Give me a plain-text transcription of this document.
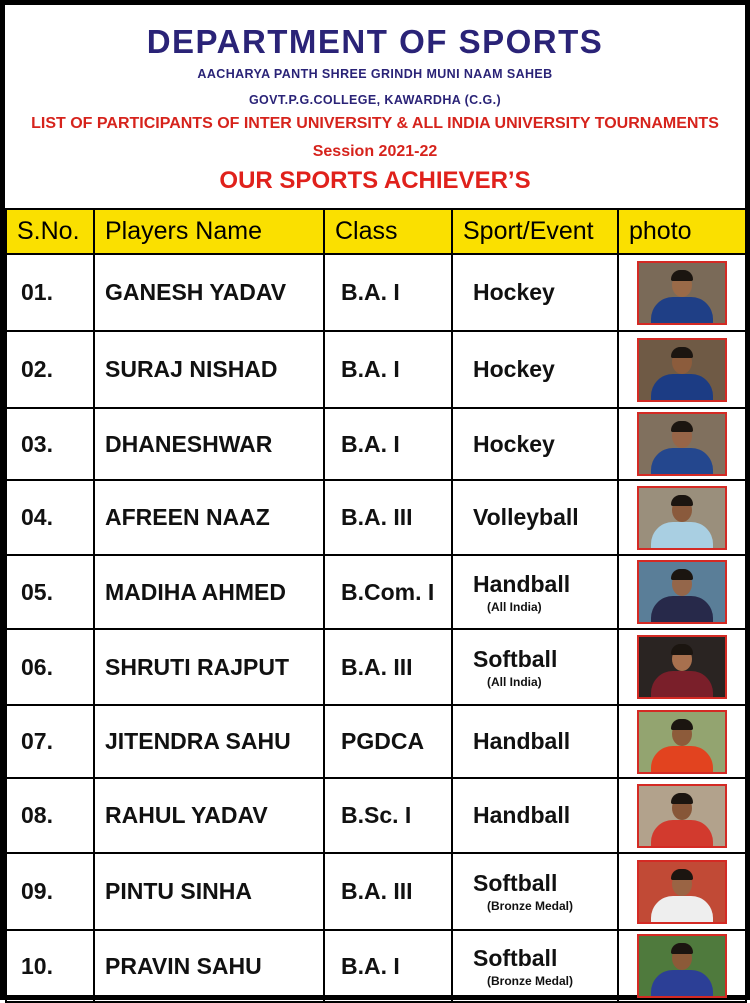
DEPARTMENT OF SPORTS
AACHARYA PANTH SHREE GRINDH MUNI NAAM SAHEB
GOVT.P.G.COLLEGE, KAWARDHA (C.G.)
LIST OF PARTICIPANTS OF INTER UNIVERSITY & ALL INDIA UNIVERSITY TOURNAMENTS
Session 2021-22
OUR SPORTS ACHIEVER’S
S.No.	Players Name	Class	Sport/Event	photo
01.	GANESH YADAV	B.A. I	Hockey	

02.	SURAJ NISHAD	B.A. I	Hockey	

03.	DHANESHWAR	B.A. I	Hockey	

04.	AFREEN NAAZ	B.A. III	Volleyball	

05.	MADIHA AHMED	B.Com. I	Handball
(All India)	

06.	SHRUTI RAJPUT	B.A. III	Softball
(All India)	

07.	JITENDRA SAHU	PGDCA	Handball	

08.	RAHUL YADAV	B.Sc. I	Handball	

09.	PINTU SINHA	B.A. III	Softball
(Bronze Medal)	

10.	PRAVIN SAHU	B.A. I	Softball
(Bronze Medal)	
